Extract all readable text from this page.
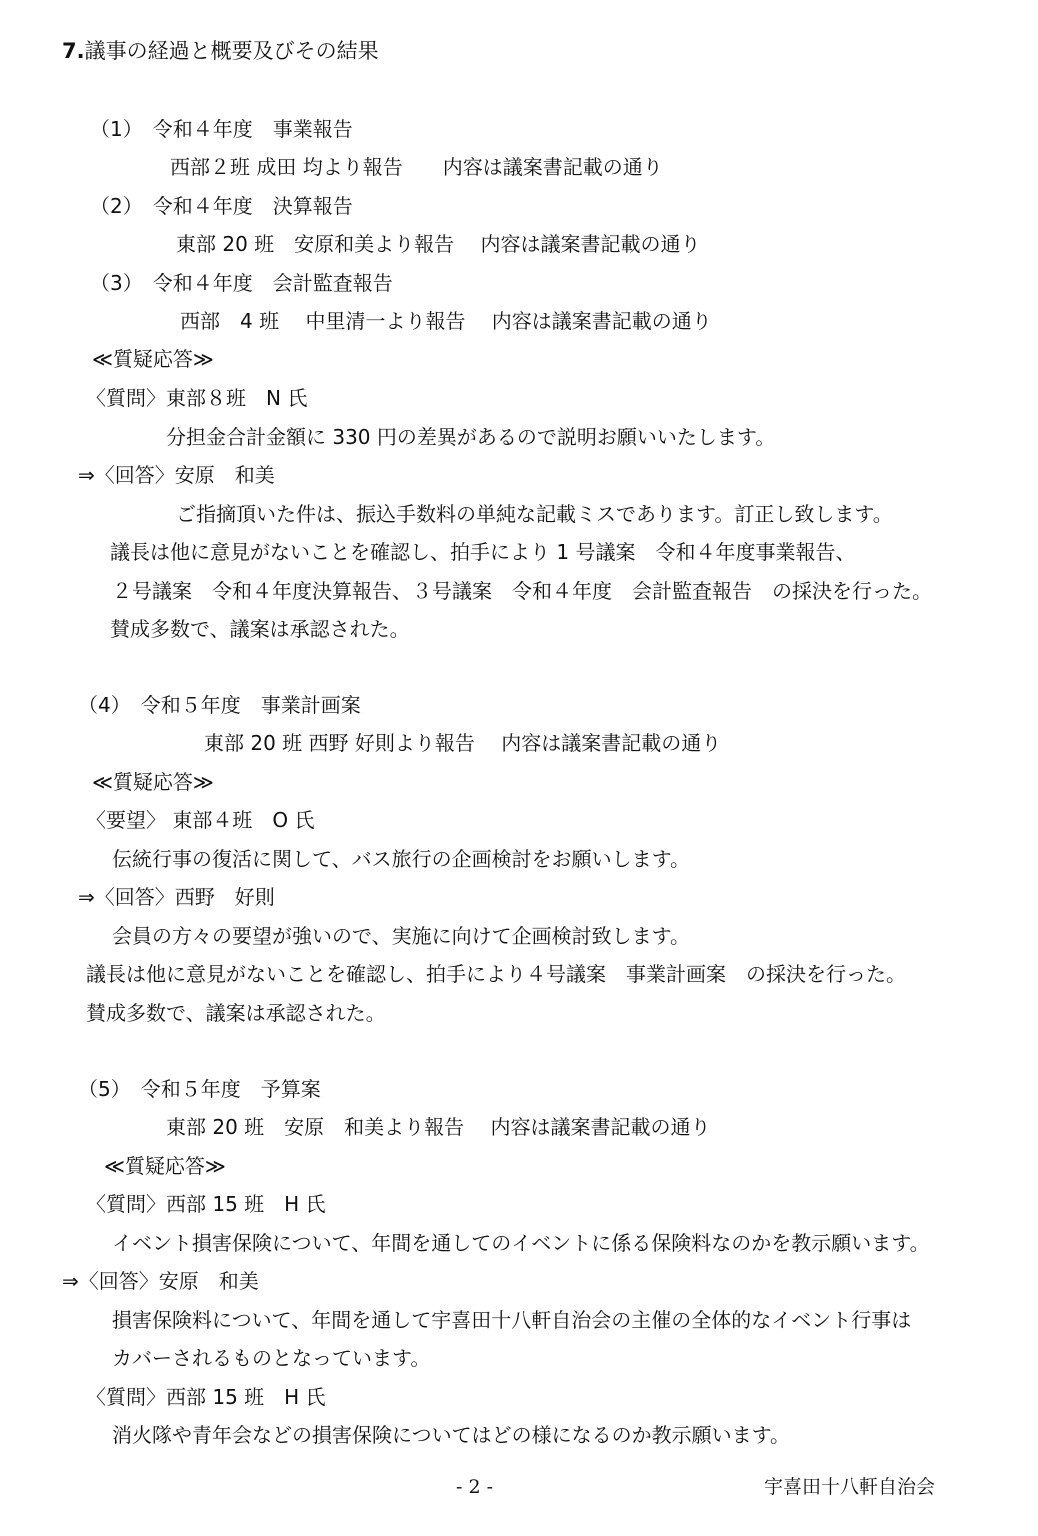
7.議事の経過と概要及びその結果
（1）　令和４年度　事業報告
西部２班 成田 均より報告　　内容は議案書記載の通り
（2）　令和４年度　決算報告
東部 20 班　安原和美より報告　 内容は議案書記載の通り
（3）　令和４年度　会計監査報告
西部　4 班　 中里清一より報告　 内容は議案書記載の通り
≪質疑応答≫
〈質問〉東部８班　N 氏
分担金合計金額に 330 円の差異があるので説明お願いいたします。
⇒〈回答〉安原　和美
ご指摘頂いた件は、振込手数料の単純な記載ミスであります。訂正し致します。
議長は他に意見がないことを確認し、拍手により 1 号議案　令和４年度事業報告、
２号議案　令和４年度決算報告、３号議案　令和４年度　会計監査報告　の採決を行った。
賛成多数で、議案は承認された。
（4）　令和５年度　事業計画案
東部 20 班 西野 好則より報告　 内容は議案書記載の通り
≪質疑応答≫
〈要望〉 東部４班　O 氏
伝統行事の復活に関して、バス旅行の企画検討をお願いします。
⇒〈回答〉西野　好則
会員の方々の要望が強いので、実施に向けて企画検討致します。
議長は他に意見がないことを確認し、拍手により４号議案　事業計画案　の採決を行った。
賛成多数で、議案は承認された。
（5）　令和５年度　予算案
東部 20 班　安原　和美より報告　 内容は議案書記載の通り
≪質疑応答≫
〈質問〉西部 15 班　H 氏
イベント損害保険について、年間を通してのイベントに係る保険料なのかを教示願います。
⇒〈回答〉安原　和美
損害保険料について、年間を通して宇喜田十八軒自治会の主催の全体的なイベント行事は
カバーされるものとなっています。
〈質問〉西部 15 班　H 氏
消火隊や青年会などの損害保険についてはどの様になるのか教示願います。
- 2 -	宇喜田十八軒自治会
